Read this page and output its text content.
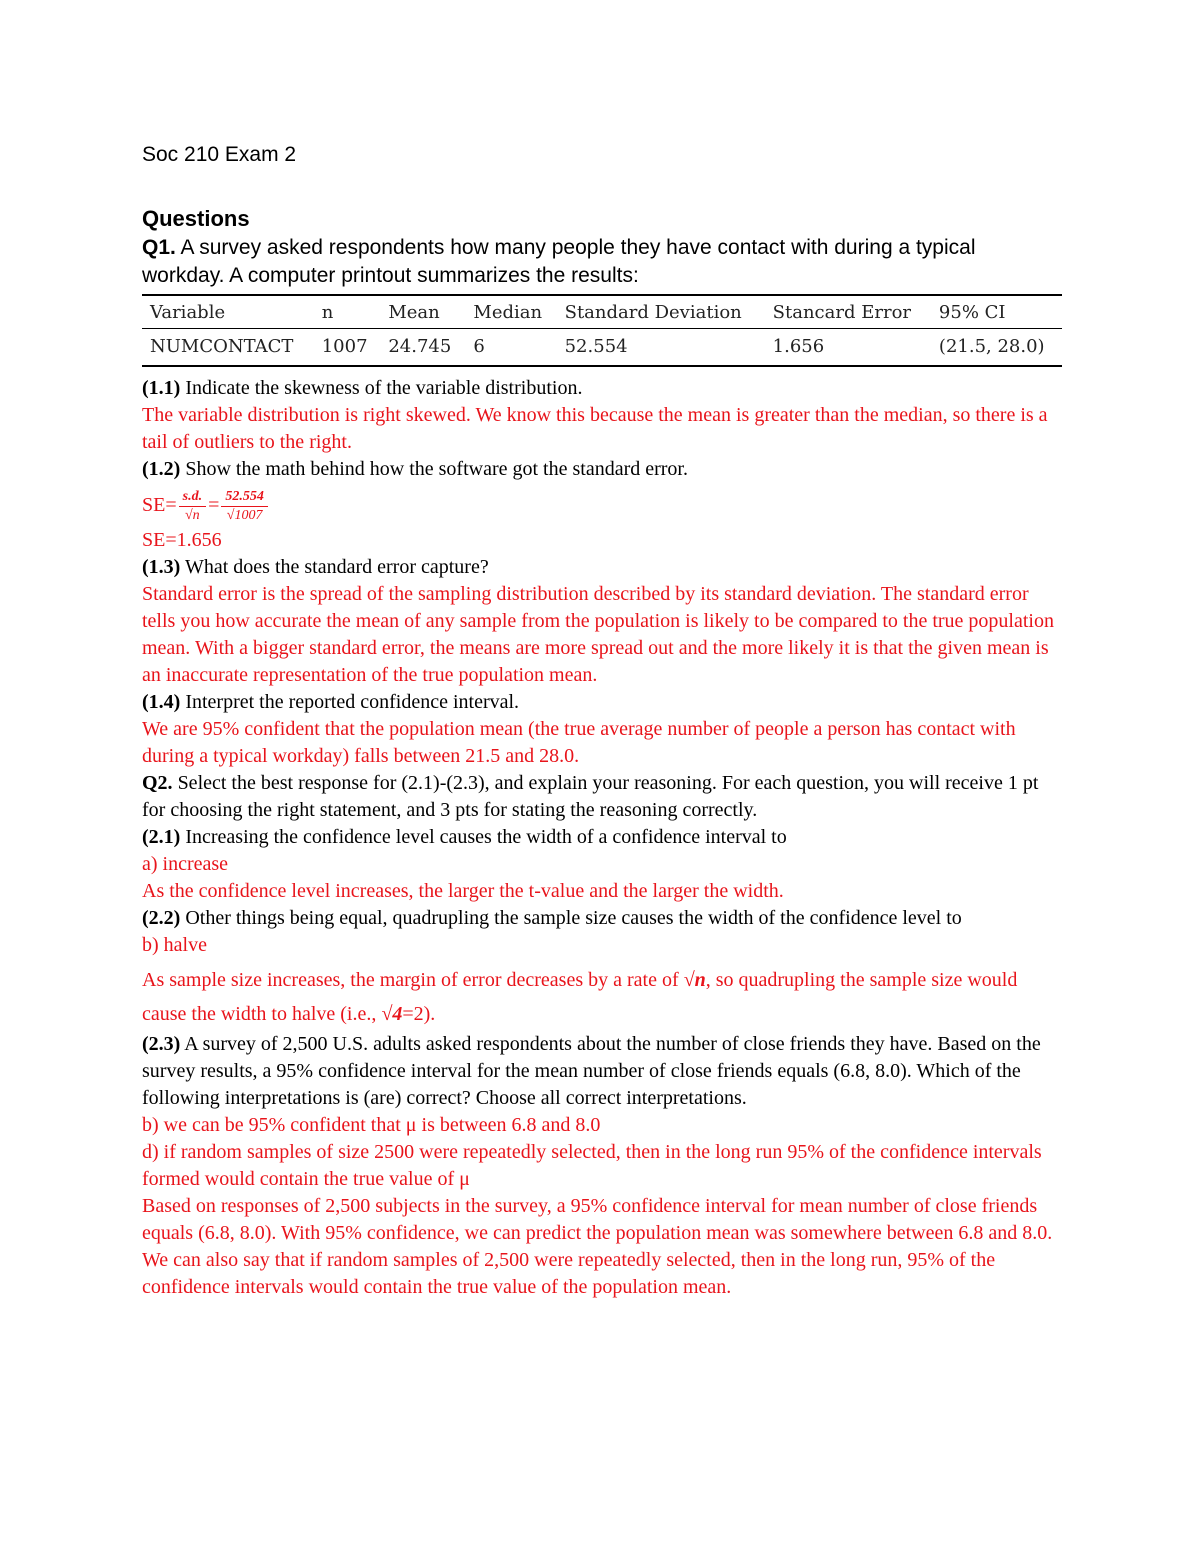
Soc 210 Exam 2
Questions

Q1. A survey asked respondents how many people they have contact with during a typical workday. A computer printout summarizes the results:

Variable	n	Mean	Median	Standard Deviation	Stancard Error	95% CI
NUMCONTACT	1007	24.745	6	52.554	1.656	(21.5, 28.0)

(1.1) Indicate the skewness of the variable distribution.

The variable distribution is right skewed. We know this because the mean is greater than the median, so there is a tail of outliers to the right.

(1.2) Show the math behind how the software got the standard error.

$SE= \frac{s.d.}{√n} = \frac{52.554}{√1007}$

SE=1.656

(1.3) What does the standard error capture?

Standard error is the spread of the sampling distribution described by its standard deviation. The standard error tells you how accurate the mean of any sample from the population is likely to be compared to the true population mean. With a bigger standard error, the means are more spread out and the more likely it is that the given mean is an inaccurate representation of the true population mean.

(1.4) Interpret the reported confidence interval.

We are 95% confident that the population mean (the true average number of people a person has contact with during a typical workday) falls between 21.5 and 28.0.

Q2. Select the best response for (2.1)-(2.3), and explain your reasoning. For each question, you will receive 1 pt for choosing the right statement, and 3 pts for stating the reasoning correctly.

(2.1) Increasing the confidence level causes the width of a confidence interval to

a) increase

As the confidence level increases, the larger the t-value and the larger the width.

(2.2) Other things being equal, quadrupling the sample size causes the width of the confidence level to

b) halve

As sample size increases, the margin of error decreases by a rate of √n, so quadrupling the sample size would cause the width to halve (i.e., √4=2).

(2.3) A survey of 2,500 U.S. adults asked respondents about the number of close friends they have. Based on the survey results, a 95% confidence interval for the mean number of close friends equals (6.8, 8.0). Which of the following interpretations is (are) correct? Choose all correct interpretations.

b) we can be 95% confident that μ is between 6.8 and 8.0

d) if random samples of size 2500 were repeatedly selected, then in the long run 95% of the confidence intervals formed would contain the true value of μ

Based on responses of 2,500 subjects in the survey, a 95% confidence interval for mean number of close friends equals (6.8, 8.0). With 95% confidence, we can predict the population mean was somewhere between 6.8 and 8.0. We can also say that if random samples of 2,500 were repeatedly selected, then in the long run, 95% of the confidence intervals would contain the true value of the population mean.
